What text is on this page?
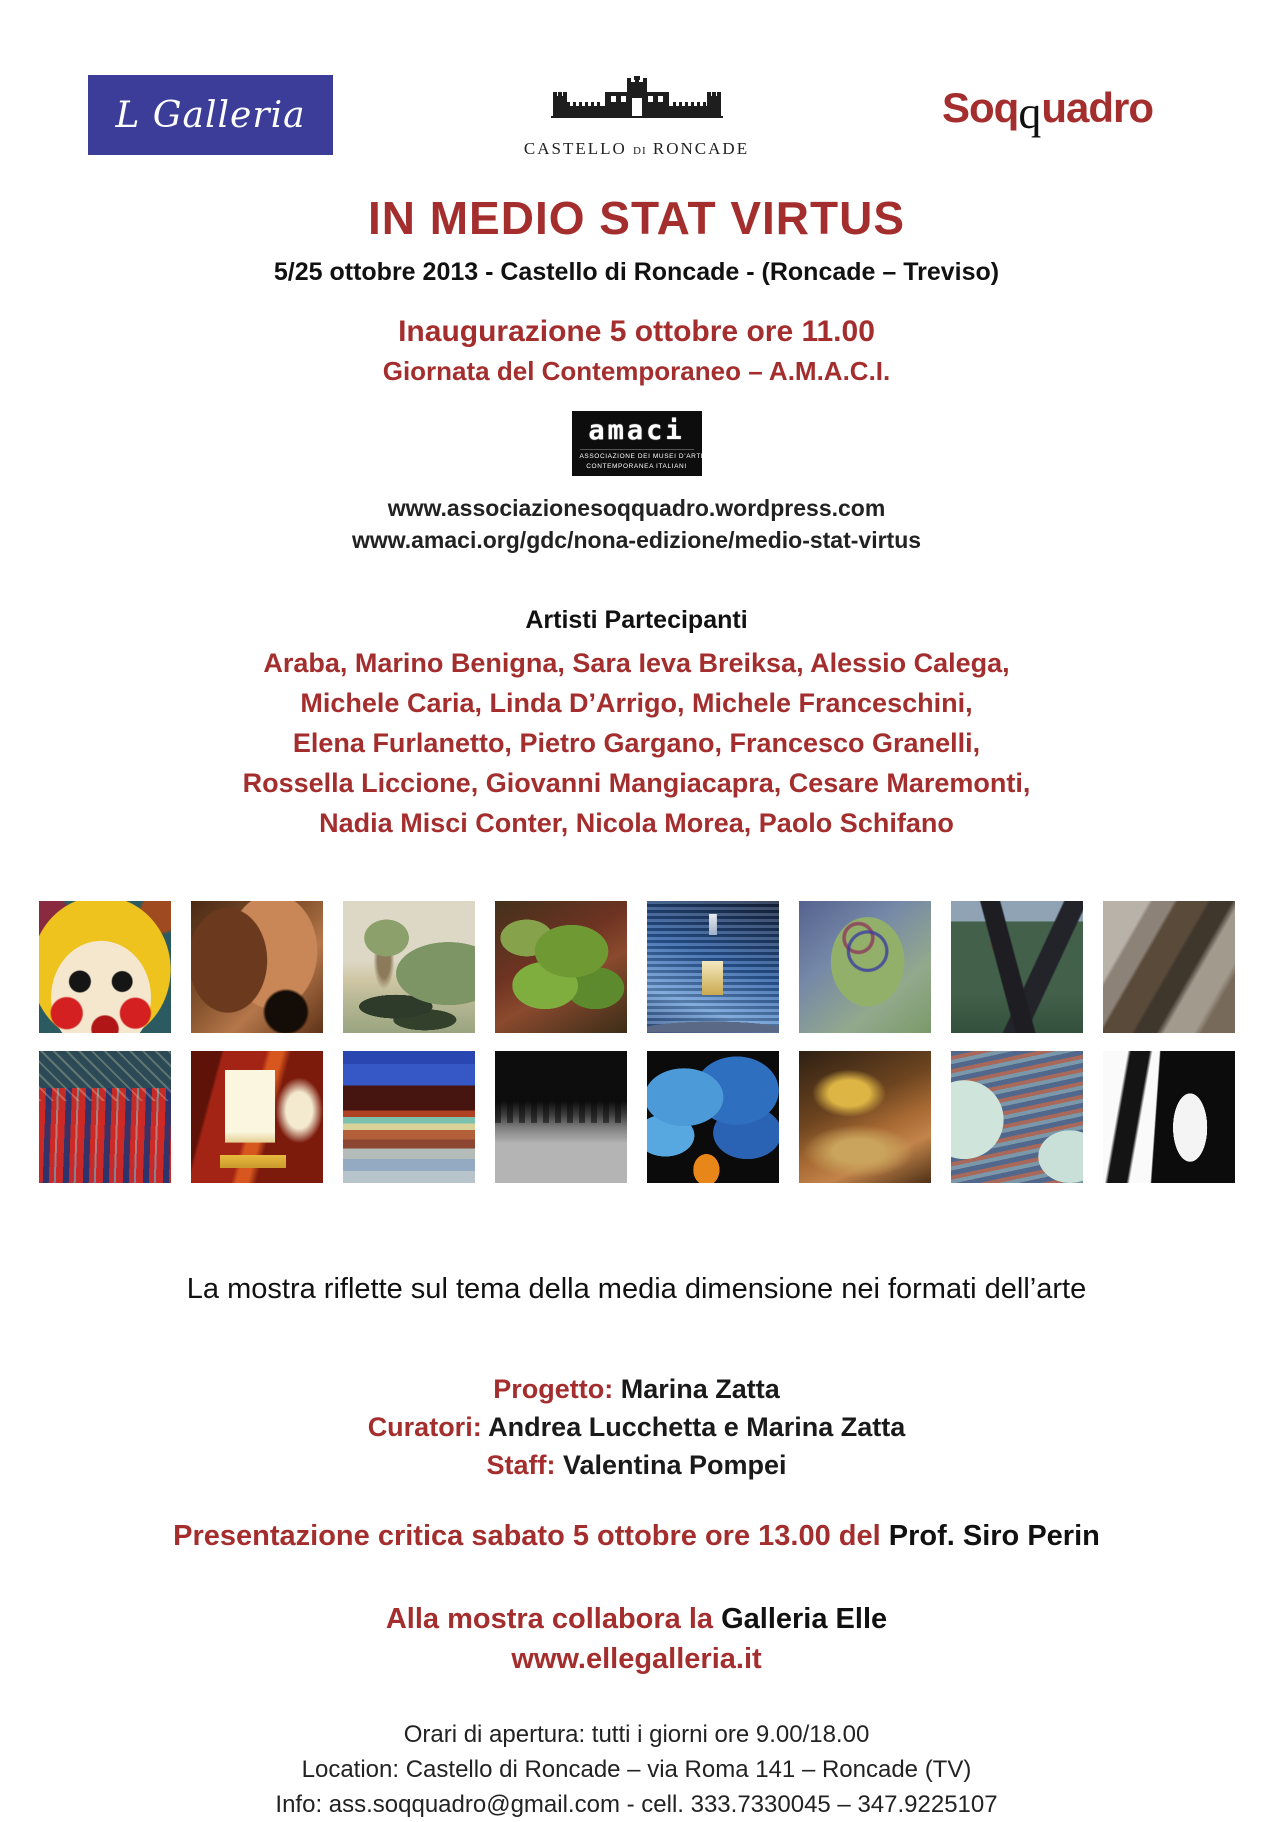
L Galleria
CASTELLO DI RONCADE
Soqquadro
IN MEDIO STAT VIRTUS
5/25 ottobre 2013 - Castello di Roncade - (Roncade – Treviso)
Inaugurazione 5 ottobre ore 11.00
Giornata del Contemporaneo – A.M.A.C.I.
amaci
ASSOCIAZIONE DEI MUSEI D’ARTE
CONTEMPORANEA ITALIANI
www.associazionesoqquadro.wordpress.com
www.amaci.org/gdc/nona-edizione/medio-stat-virtus
Artisti Partecipanti
Araba, Marino Benigna, Sara Ieva Breiksa, Alessio Calega,
Michele Caria, Linda D’Arrigo, Michele Franceschini,
Elena Furlanetto, Pietro Gargano, Francesco Granelli,
Rossella Liccione, Giovanni Mangiacapra, Cesare Maremonti,
Nadia Misci Conter, Nicola Morea, Paolo Schifano
La mostra riflette sul tema della media dimensione nei formati dell’arte
Progetto: Marina Zatta
Curatori: Andrea Lucchetta e Marina Zatta
Staff: Valentina Pompei
Presentazione critica sabato 5 ottobre ore 13.00 del Prof. Siro Perin
Alla mostra collabora la Galleria Elle
www.ellegalleria.it
Orari di apertura: tutti i giorni ore 9.00/18.00
Location: Castello di Roncade – via Roma 141 – Roncade (TV)
Info: ass.soqquadro@gmail.com - cell. 333.7330045 – 347.9225107
